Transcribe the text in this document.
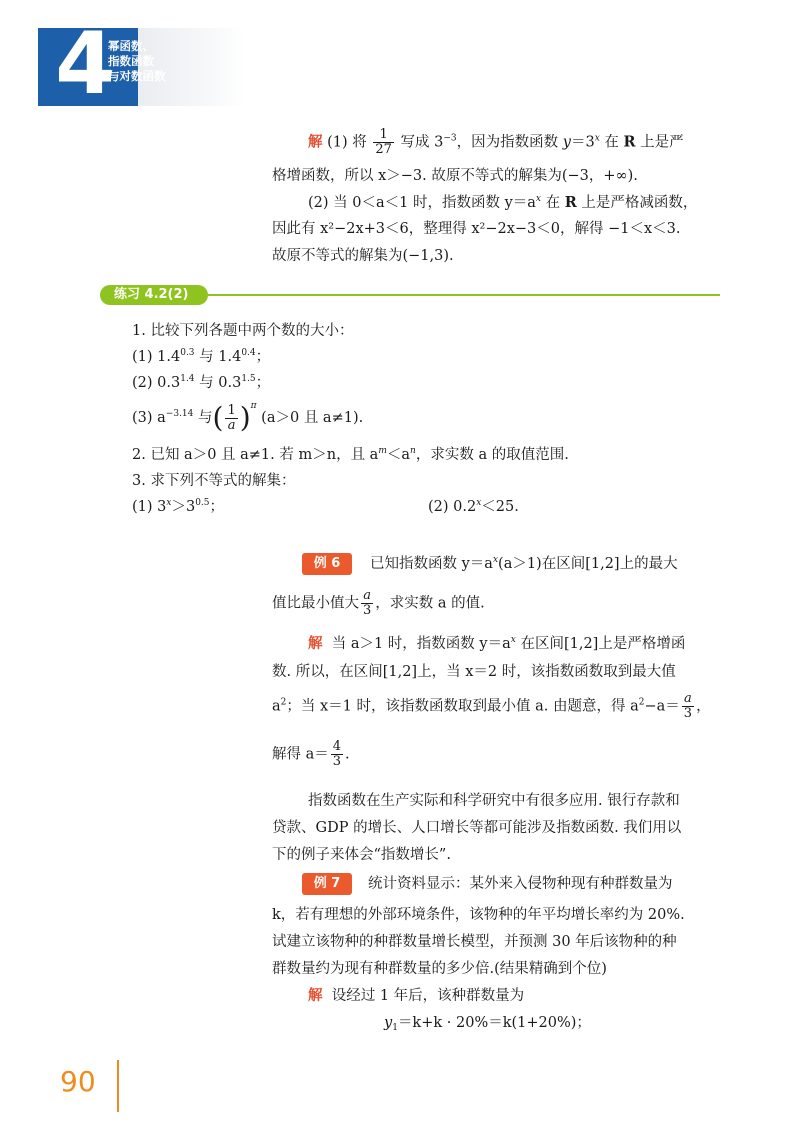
4
幂函数、
指数函数
与对数函数
解 (1) 将 $\frac{1}{27}$ 写成 $3^{-3}$，因为指数函数 $y=3^x$ 在 R 上是严
格增函数，所以 x＞−3. 故原不等式的解集为(−3，+∞).
(2) 当 0＜a＜1 时，指数函数 $y=a^x$ 在 R 上是严格减函数，
因此有 x²−2x+3＜6，整理得 x²−2x−3＜0，解得 −1＜x＜3.
故原不等式的解集为(−1,3).
练习 4.2(2)
1. 比较下列各题中两个数的大小：
(1) $1.4^{0.3}$ 与 $1.4^{0.4}$；
(2) $0.3^{1.4}$ 与 $0.3^{1.5}$；
(3) $a^{-3.14}$ 与( $\frac{1}{a} )^\pi$ (a＞0 且 a≠1).
2. 已知 a＞0 且 a≠1. 若 m＞n，且 $a^m<a^n$，求实数 a 的取值范围.
3. 求下列不等式的解集：
(1) $3^x>3^{0.5}$；	(2) $0.2^x<25$.
例 6	已知指数函数 $y=a^x(a>1)$在区间[1,2]上的最大
值比最小值大 $\frac{a}{3}$ ，求实数 a 的值.
解 当 a＞1 时，指数函数 $y=a^x$ 在区间[1,2]上是严格增函
数. 所以，在区间[1,2]上，当 x＝2 时，该指数函数取到最大值
$a^2$；当 x＝1 时，该指数函数取到最小值 a. 由题意，得 $a^2-a= \frac{a}{3}$ ，
解得 $a= \frac{4}{3}$ .
指数函数在生产实际和科学研究中有很多应用. 银行存款和
贷款、GDP 的增长、人口增长等都可能涉及指数函数. 我们用以
下的例子来体会“指数增长”.
例 7	统计资料显示：某外来入侵物种现有种群数量为
k，若有理想的外部环境条件，该物种的年平均增长率约为 20%.
试建立该物种的种群数量增长模型，并预测 30 年后该物种的种
群数量约为现有种群数量的多少倍.(结果精确到个位)
解 设经过 1 年后，该种群数量为
$y_1=k+k \cdot 20\%=k(1+20\%)$；
90
